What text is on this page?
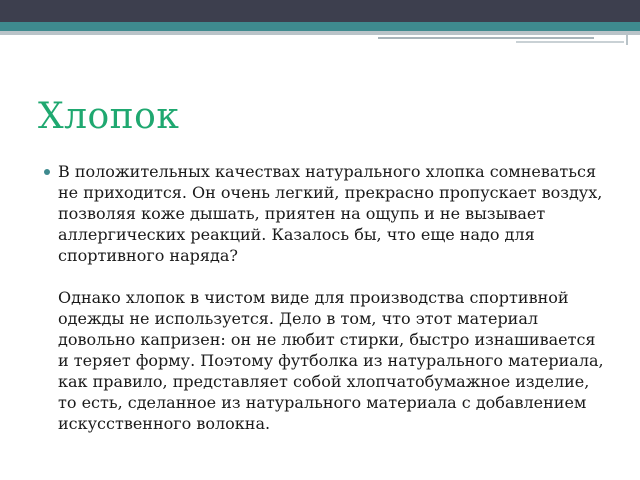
Хлопок

В положительных качествах натурального хлопка сомневаться не приходится. Он очень легкий, прекрасно пропускает воздух, позволяя коже дышать, приятен на ощупь и не вызывает аллергических реакций. Казалось бы, что еще надо для спортивного наряда?

Однако хлопок в чистом виде для производства спортивной одежды не используется. Дело в том, что этот материал довольно капризен: он не любит стирки, быстро изнашивается и теряет форму. Поэтому футболка из натурального материала, как правило, представляет собой хлопчатобумажное изделие, то есть, сделанное из натурального материала с добавлением искусственного волокна.
